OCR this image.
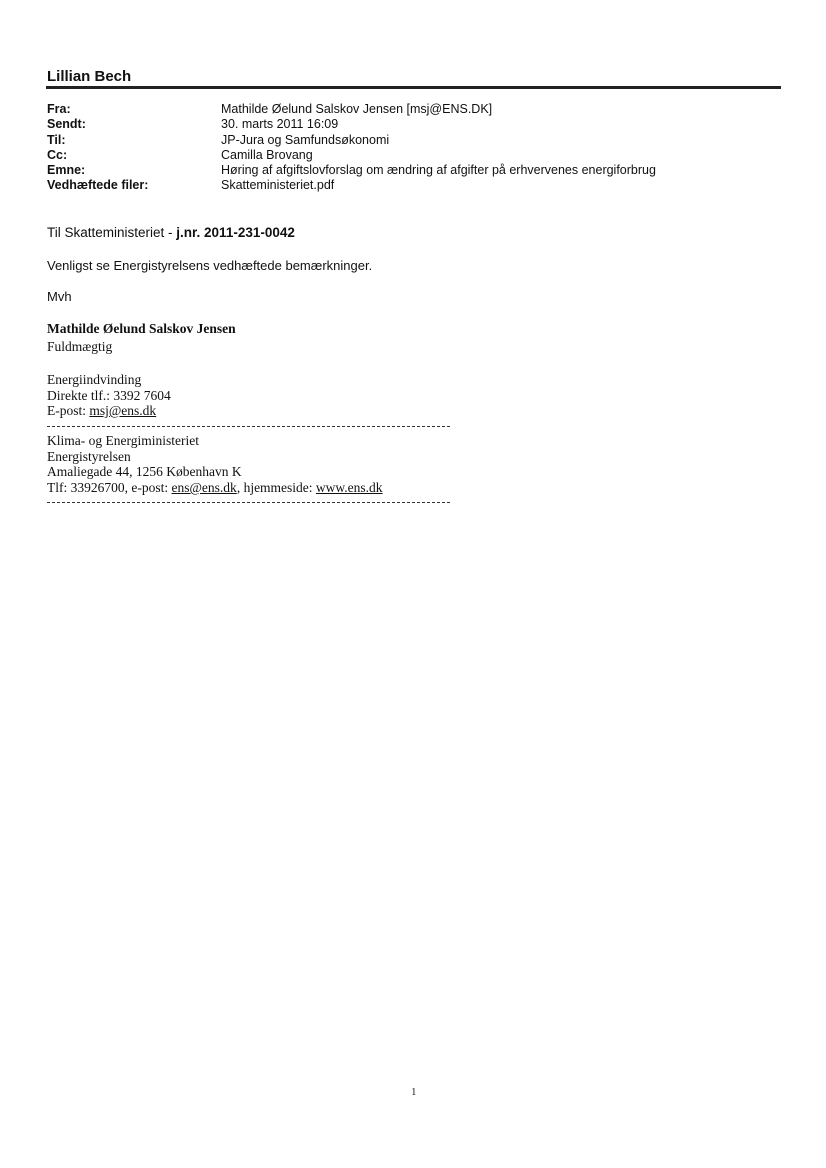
Lillian Bech
Fra:	Mathilde Øelund Salskov Jensen [msj@ENS.DK]
Sendt:	30. marts 2011 16:09
Til:	JP-Jura og Samfundsøkonomi
Cc:	Camilla Brovang
Emne:	Høring af afgiftslovforslag om ændring af afgifter på erhvervenes energiforbrug
Vedhæftede filer:	Skatteministeriet.pdf
Til Skatteministeriet - j.nr. 2011-231-0042
Venligst se Energistyrelsens vedhæftede bemærkninger.
Mvh
Mathilde Øelund Salskov Jensen
Fuldmægtig
Energiindvinding
Direkte tlf.: 3392 7604
E-post: msj@ens.dk
Klima- og Energiministeriet
Energistyrelsen
Amaliegade 44, 1256 København K
Tlf: 33926700, e-post: ens@ens.dk, hjemmeside: www.ens.dk
1
